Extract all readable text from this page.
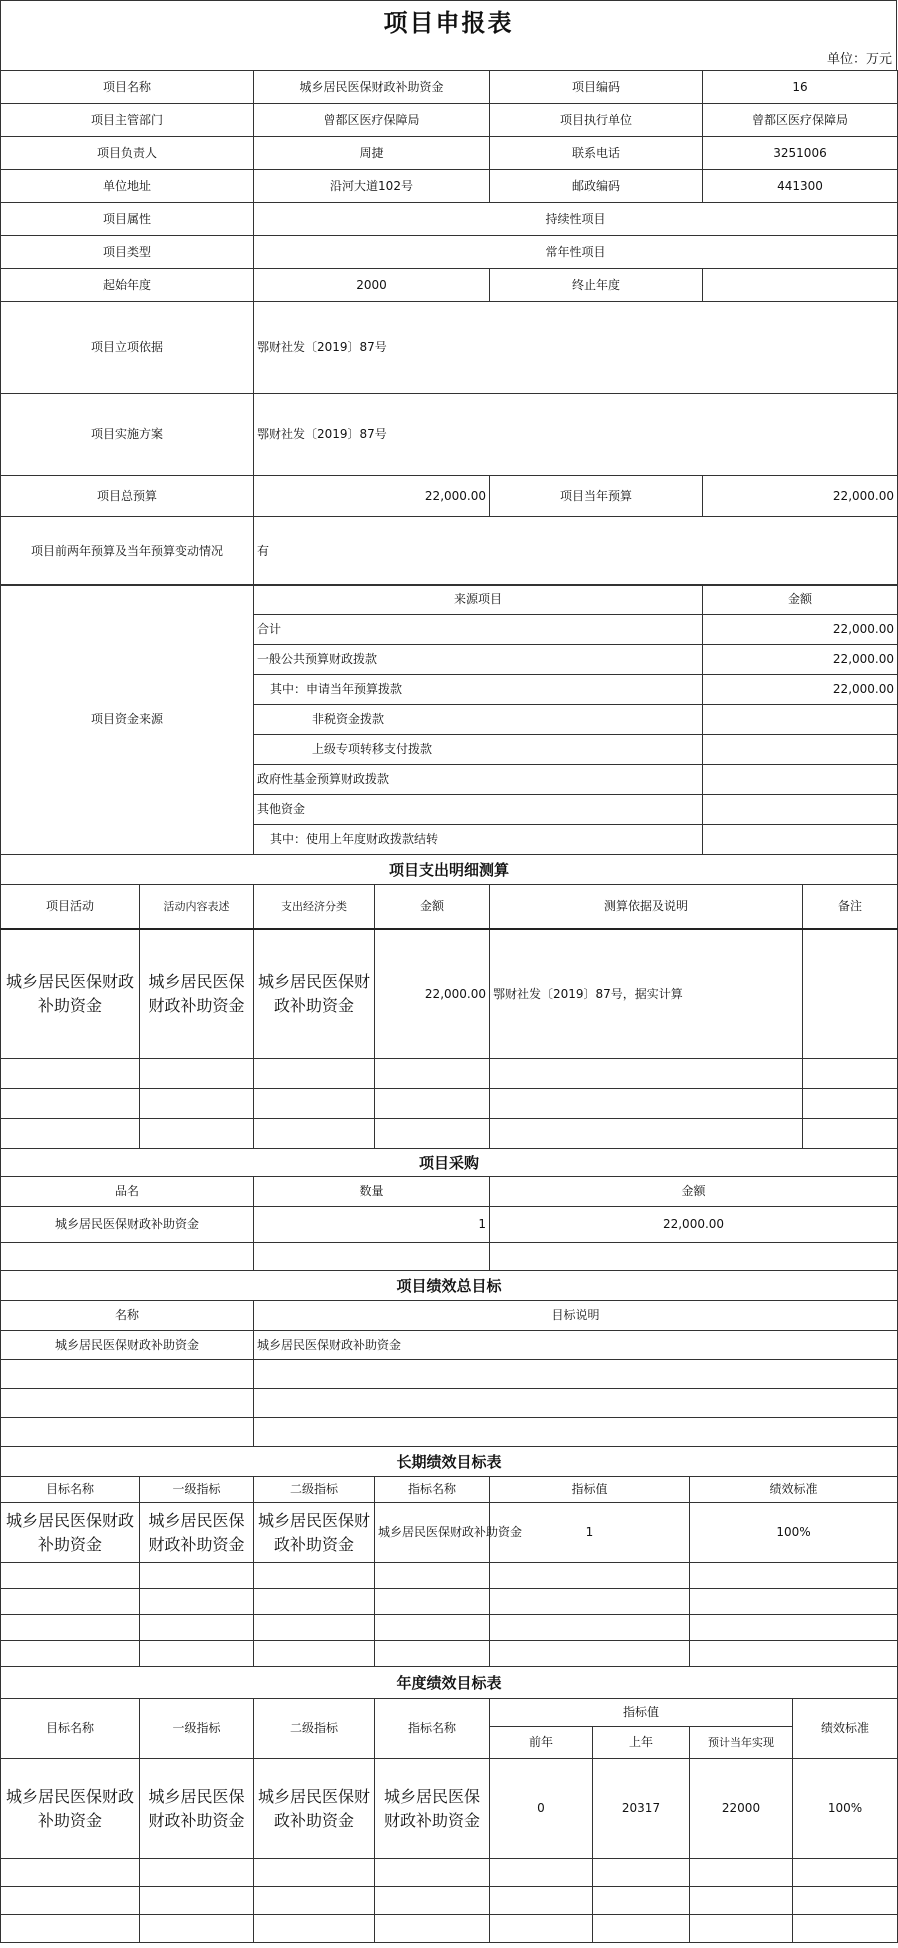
项目申报表
单位：万元
项目名称	城乡居民医保财政补助资金	项目编码	16
项目主管部门	曾都区医疗保障局	项目执行单位	曾都区医疗保障局
项目负责人	周捷	联系电话	3251006
单位地址	沿河大道102号	邮政编码	441300
项目属性	持续性项目		
项目类型	常年性项目		
起始年度	2000	终止年度	
项目立项依据	鄂财社发〔2019〕87号		
项目实施方案	鄂财社发〔2019〕87号		
项目总预算	22,000.00	项目当年预算	22,000.00
项目前两年预算及当年预算变动情况	有		
项目资金来源	来源项目	金额
	合计	22,000.00
	一般公共预算财政拨款	22,000.00
	其中：申请当年预算拨款	22,000.00
	非税资金拨款	
	上级专项转移支付拨款	
	政府性基金预算财政拨款	
	其他资金	
	其中：使用上年度财政拨款结转	
项目支出明细测算					
项目活动	活动内容表述	支出经济分类	金额	测算依据及说明	备注
城乡居民医保财政补助资金	城乡居民医保财政补助资金	城乡居民医保财政补助资金	22,000.00	鄂财社发〔2019〕87号，据实计算	

项目采购		
品名	数量	金额
城乡居民医保财政补助资金	1	22,000.00

项目绩效总目标	
名称	目标说明
城乡居民医保财政补助资金	城乡居民医保财政补助资金

长期绩效目标表					
目标名称	一级指标	二级指标	指标名称	指标值	绩效标准
城乡居民医保财政补助资金	城乡居民医保财政补助资金	城乡居民医保财政补助资金	城乡居民医保财政补助资金	1	100%

年度绩效目标表							
目标名称	一级指标	二级指标	指标名称	指标值			绩效标准
				前年	上年	预计当年实现	
城乡居民医保财政补助资金	城乡居民医保财政补助资金	城乡居民医保财政补助资金	城乡居民医保财政补助资金	0	20317	22000	100%
